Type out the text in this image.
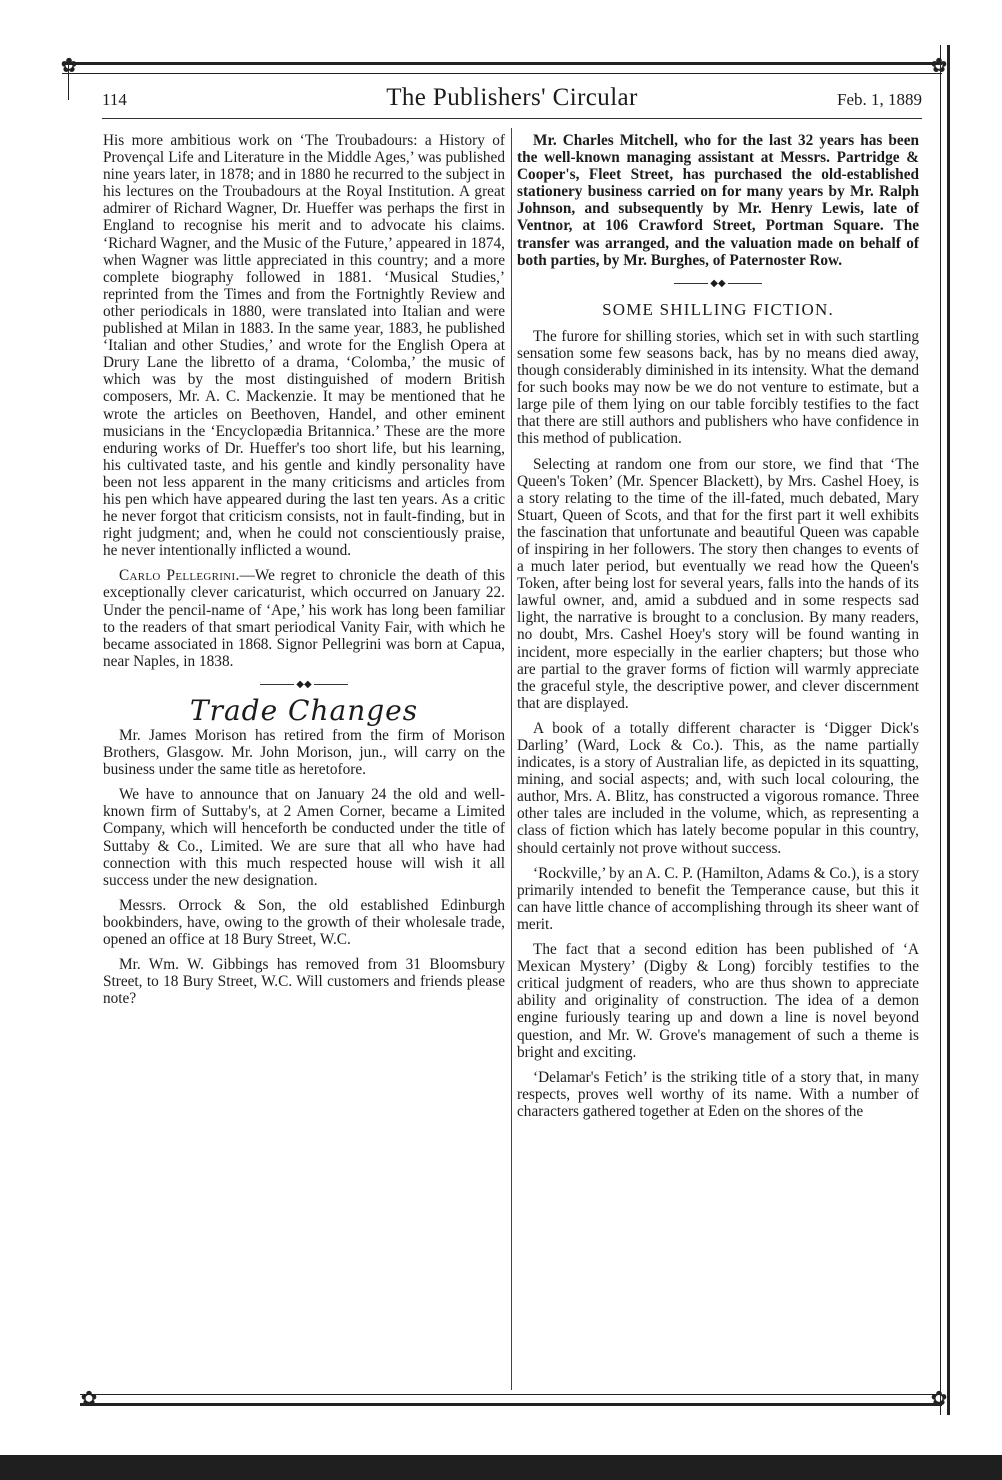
✿	✿
✿	✿
114	The Publishers' Circular	Feb. 1, 1889

His more ambitious work on ‘The Troubadours: a History of Provençal Life and Literature in the Middle Ages,’ was published nine years later, in 1878; and in 1880 he recurred to the subject in his lectures on the Troubadours at the Royal Institution. A great admirer of Richard Wagner, Dr. Hueffer was perhaps the first in England to recognise his merit and to advocate his claims. ‘Richard Wagner, and the Music of the Future,’ appeared in 1874, when Wagner was little appreciated in this country; and a more complete biography followed in 1881. ‘Musical Studies,’ reprinted from the Times and from the Fortnightly Review and other periodicals in 1880, were translated into Italian and were published at Milan in 1883. In the same year, 1883, he published ‘Italian and other Studies,’ and wrote for the English Opera at Drury Lane the libretto of a drama, ‘Colomba,’ the music of which was by the most distinguished of modern British composers, Mr. A. C. Mackenzie. It may be mentioned that he wrote the articles on Beethoven, Handel, and other eminent musicians in the ‘Encyclopædia Britannica.’ These are the more enduring works of Dr. Hueffer's too short life, but his learning, his cultivated taste, and his gentle and kindly personality have been not less apparent in the many criticisms and articles from his pen which have appeared during the last ten years. As a critic he never forgot that criticism consists, not in fault-finding, but in right judgment; and, when he could not conscientiously praise, he never intentionally inflicted a wound.

Carlo Pellegrini.—We regret to chronicle the death of this exceptionally clever caricaturist, which occurred on January 22. Under the pencil-name of ‘Ape,’ his work has long been familiar to the readers of that smart periodical Vanity Fair, with which he became associated in 1868. Signor Pellegrini was born at Capua, near Naples, in 1838.

◆◆
Trade Changes

Mr. James Morison has retired from the firm of Morison Brothers, Glasgow. Mr. John Morison, jun., will carry on the business under the same title as heretofore.

We have to announce that on January 24 the old and well-known firm of Suttaby's, at 2 Amen Corner, became a Limited Company, which will henceforth be conducted under the title of Suttaby & Co., Limited. We are sure that all who have had connection with this much respected house will wish it all success under the new designation.

Messrs. Orrock & Son, the old established Edinburgh bookbinders, have, owing to the growth of their wholesale trade, opened an office at 18 Bury Street, W.C.

Mr. Wm. W. Gibbings has removed from 31 Bloomsbury Street, to 18 Bury Street, W.C. Will customers and friends please note?

Mr. Charles Mitchell, who for the last 32 years has been the well-known managing assistant at Messrs. Partridge & Cooper's, Fleet Street, has purchased the old-established stationery business carried on for many years by Mr. Ralph Johnson, and subsequently by Mr. Henry Lewis, late of Ventnor, at 106 Crawford Street, Portman Square. The transfer was arranged, and the valuation made on behalf of both parties, by Mr. Burghes, of Paternoster Row.

◆◆
SOME SHILLING FICTION.

The furore for shilling stories, which set in with such startling sensation some few seasons back, has by no means died away, though considerably diminished in its intensity. What the demand for such books may now be we do not venture to estimate, but a large pile of them lying on our table forcibly testifies to the fact that there are still authors and publishers who have confidence in this method of publication.

Selecting at random one from our store, we find that ‘The Queen's Token’ (Mr. Spencer Blackett), by Mrs. Cashel Hoey, is a story relating to the time of the ill-fated, much debated, Mary Stuart, Queen of Scots, and that for the first part it well exhibits the fascination that unfortunate and beautiful Queen was capable of inspiring in her followers. The story then changes to events of a much later period, but eventually we read how the Queen's Token, after being lost for several years, falls into the hands of its lawful owner, and, amid a subdued and in some respects sad light, the narrative is brought to a conclusion. By many readers, no doubt, Mrs. Cashel Hoey's story will be found wanting in incident, more especially in the earlier chapters; but those who are partial to the graver forms of fiction will warmly appreciate the graceful style, the descriptive power, and clever discernment that are displayed.

A book of a totally different character is ‘Digger Dick's Darling’ (Ward, Lock & Co.). This, as the name partially indicates, is a story of Australian life, as depicted in its squatting, mining, and social aspects; and, with such local colouring, the author, Mrs. A. Blitz, has constructed a vigorous romance. Three other tales are included in the volume, which, as representing a class of fiction which has lately become popular in this country, should certainly not prove without success.

‘Rockville,’ by an A. C. P. (Hamilton, Adams & Co.), is a story primarily intended to benefit the Temperance cause, but this it can have little chance of accomplishing through its sheer want of merit.

The fact that a second edition has been published of ‘A Mexican Mystery’ (Digby & Long) forcibly testifies to the critical judgment of readers, who are thus shown to appreciate ability and originality of construction. The idea of a demon engine furiously tearing up and down a line is novel beyond question, and Mr. W. Grove's management of such a theme is bright and exciting.

‘Delamar's Fetich’ is the striking title of a story that, in many respects, proves well worthy of its name. With a number of characters gathered together at Eden on the shores of the
